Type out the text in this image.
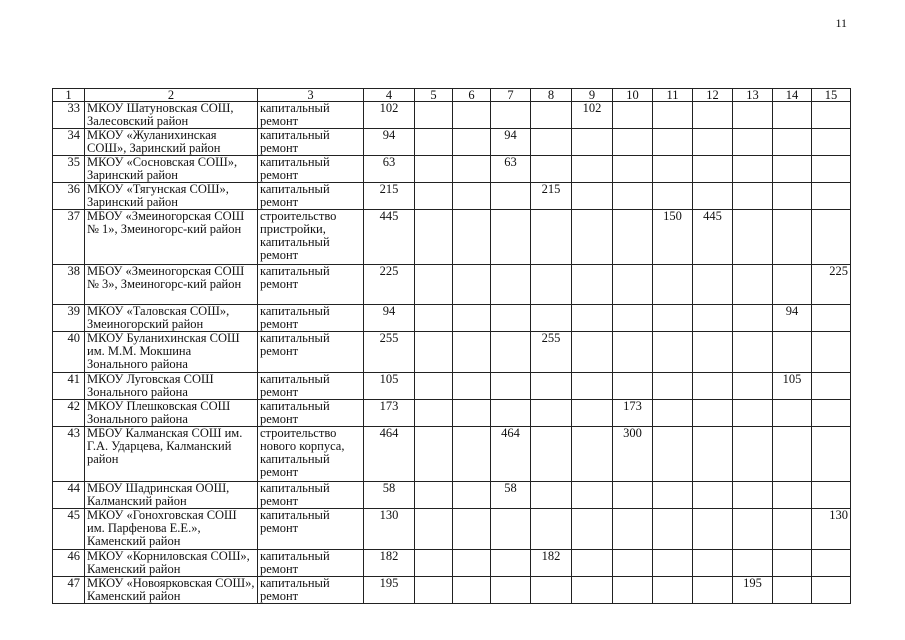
11
1	2	3	4	5	6	7	8	9	10	11	12	13	14	15
33	МКОУ Шатуновская СОШ, Залесовский район	капитальный ремонт	102					102						
34	МКОУ «Жуланихинская СОШ», Заринский район	капитальный ремонт	94			94								
35	МКОУ «Сосновская СОШ», Заринский район	капитальный ремонт	63			63								
36	МКОУ «Тягунская СОШ», Заринский район	капитальный ремонт	215				215							
37	МБОУ «Змеиногорская СОШ № 1», Змеиногорс-кий район	строительство пристройки, капитальный ремонт	445							150	445			
38	МБОУ «Змеиногорская СОШ № 3», Змеиногорс-кий район	капитальный ремонт	225											225
39	МКОУ «Таловская СОШ», Змеиногорский район	капитальный ремонт	94										94	
40	МКОУ Буланихинская СОШ им. М.М. Мокшина Зонального района	капитальный ремонт	255				255							
41	МКОУ Луговская СОШ Зонального района	капитальный ремонт	105										105	
42	МКОУ Плешковская СОШ Зонального района	капитальный ремонт	173						173					
43	МБОУ Калманская СОШ им. Г.А. Ударцева, Калманский район	строительство нового корпуса, капитальный ремонт	464			464			300					
44	МБОУ Шадринская ООШ, Калманский район	капитальный ремонт	58			58								
45	МКОУ «Гонохговская СОШ им. Парфенова Е.Е.», Каменский район	капитальный ремонт	130											130
46	МКОУ «Корниловская СОШ», Каменский район	капитальный ремонт	182				182							
47	МКОУ «Новоярковская СОШ», Каменский район	капитальный ремонт	195									195		
